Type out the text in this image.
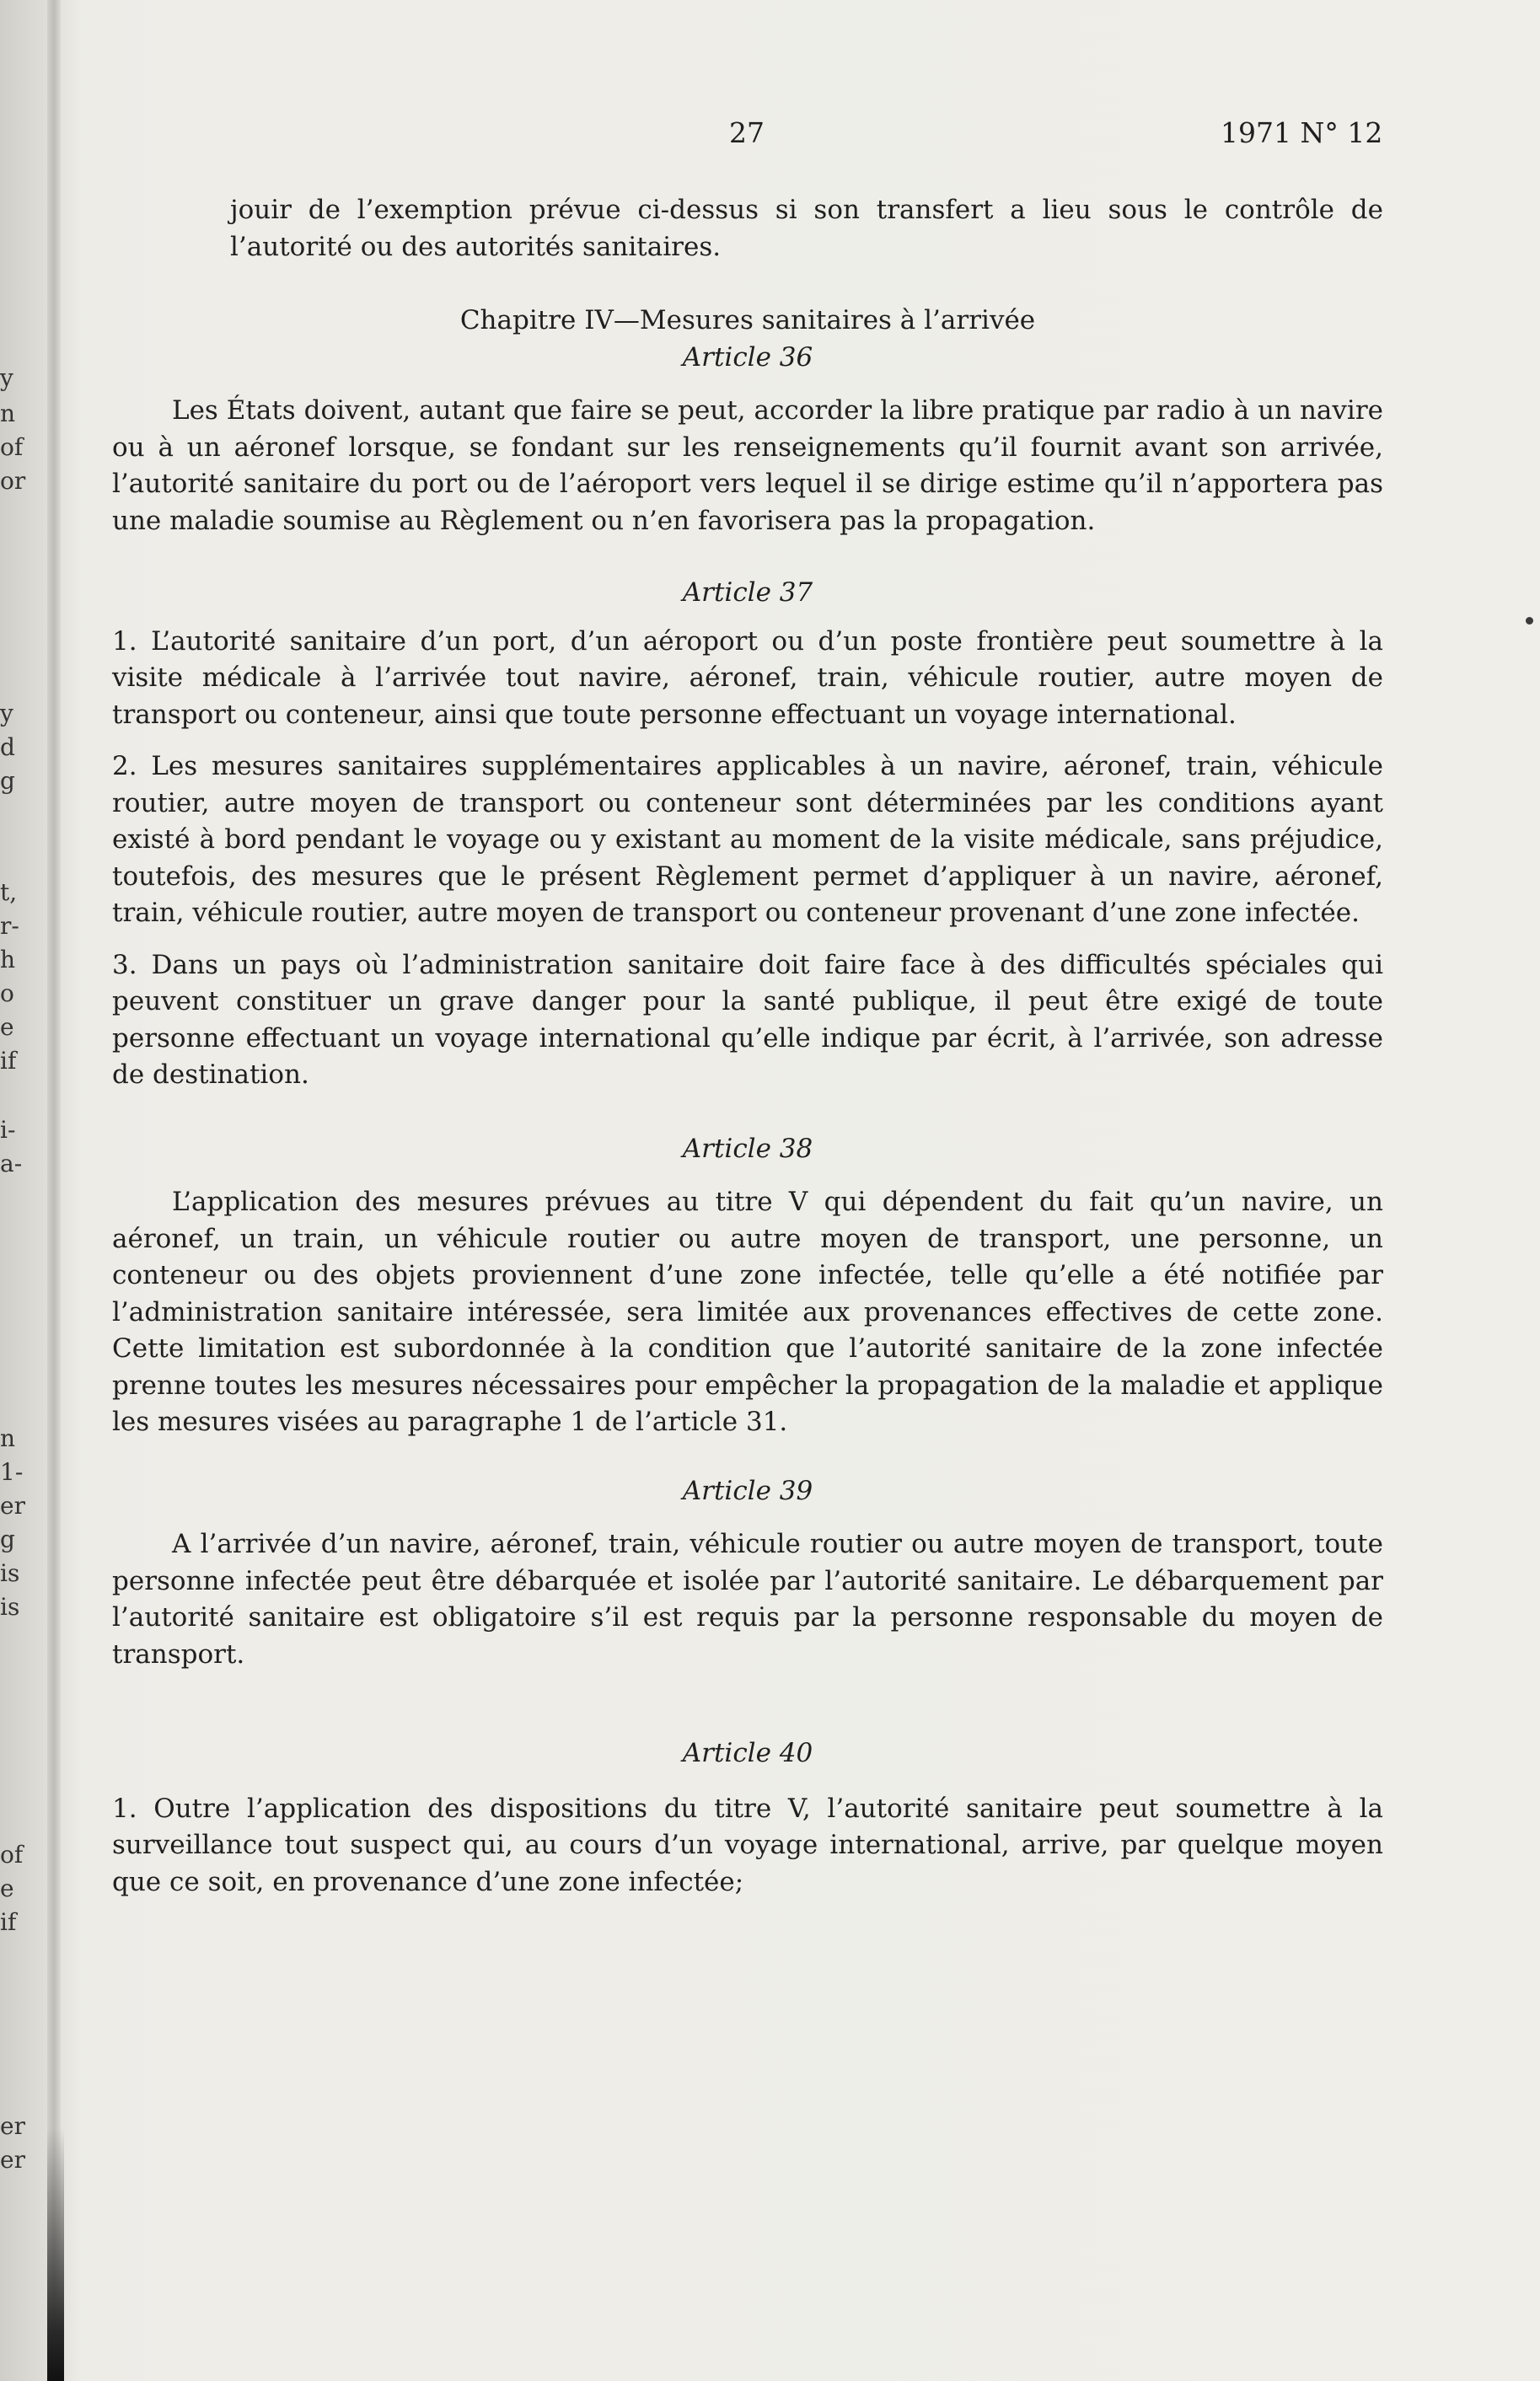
y
n
of
or
y
d
g
t,
r-
h
o
e
if
i-
a-
n
1-
er
g
is
is
of
e
if
er
er
27	1971 N° 12

jouir de l’exemption prévue ci-dessus si son transfert a lieu sous le contrôle de l’autorité ou des autorités sanitaires.

Chapitre IV—Mesures sanitaires à l’arrivée

Article 36

Les États doivent, autant que faire se peut, accorder la libre pratique par radio à un navire ou à un aéronef lorsque, se fondant sur les renseignements qu’il fournit avant son arrivée, l’autorité sanitaire du port ou de l’aéroport vers lequel il se dirige estime qu’il n’apportera pas une maladie soumise au Règlement ou n’en favorisera pas la propagation.

Article 37

1. L’autorité sanitaire d’un port, d’un aéroport ou d’un poste frontière peut soumettre à la visite médicale à l’arrivée tout navire, aéronef, train, véhicule routier, autre moyen de transport ou conteneur, ainsi que toute personne effectuant un voyage international.

2. Les mesures sanitaires supplémentaires applicables à un navire, aéronef, train, véhicule routier, autre moyen de transport ou conteneur sont déterminées par les conditions ayant existé à bord pendant le voyage ou y existant au moment de la visite médicale, sans préjudice, toutefois, des mesures que le présent Règlement permet d’appliquer à un navire, aéronef, train, véhicule routier, autre moyen de transport ou conteneur provenant d’une zone infectée.

3. Dans un pays où l’administration sanitaire doit faire face à des difficultés spéciales qui peuvent constituer un grave danger pour la santé publique, il peut être exigé de toute personne effectuant un voyage international qu’elle indique par écrit, à l’arrivée, son adresse de destination.

Article 38

L’application des mesures prévues au titre V qui dépendent du fait qu’un navire, un aéronef, un train, un véhicule routier ou autre moyen de transport, une personne, un conteneur ou des objets proviennent d’une zone infectée, telle qu’elle a été notifiée par l’administration sanitaire intéressée, sera limitée aux provenances effectives de cette zone. Cette limitation est subordonnée à la condition que l’autorité sanitaire de la zone infectée prenne toutes les mesures nécessaires pour empêcher la propagation de la maladie et applique les mesures visées au paragraphe 1 de l’article 31.

Article 39

A l’arrivée d’un navire, aéronef, train, véhicule routier ou autre moyen de transport, toute personne infectée peut être débarquée et isolée par l’autorité sanitaire. Le débarquement par l’autorité sanitaire est obligatoire s’il est requis par la personne responsable du moyen de transport.

Article 40

1. Outre l’application des dispositions du titre V, l’autorité sanitaire peut soumettre à la surveillance tout suspect qui, au cours d’un voyage international, arrive, par quelque moyen que ce soit, en provenance d’une zone infectée;
